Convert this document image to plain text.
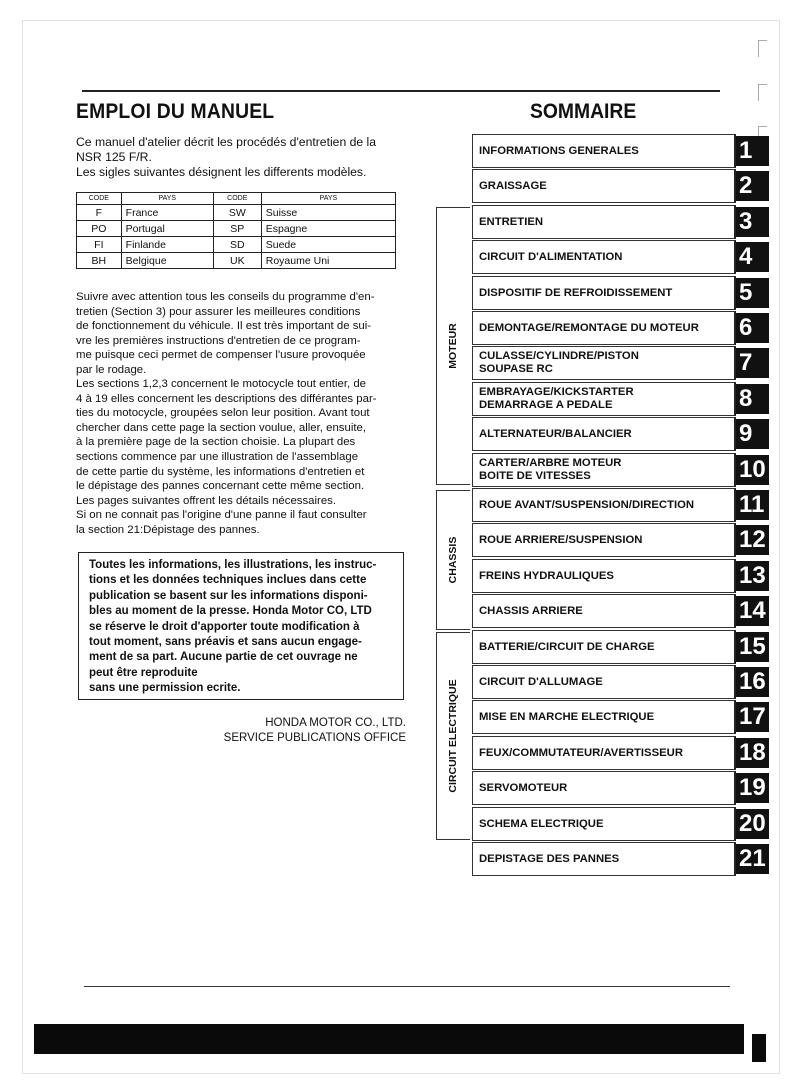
EMPLOI DU MANUEL	SOMMAIRE
Ce manuel d'atelier décrit les procédés d'entretien de la
NSR 125 F/R.
Les sigles suivantes désignent les differents modèles.
CODE	PAYS	CODE	PAYS
F	France	SW	Suisse
PO	Portugal	SP	Espagne
FI	Finlande	SD	Suede
BH	Belgique	UK	Royaume Uni
Suivre avec attention tous les conseils du programme d'en-
tretien (Section 3) pour assurer les meilleures conditions
de fonctionnement du véhicule. Il est très important de sui-
vre les premières instructions d'entretien de ce program-
me puisque ceci permet de compenser l'usure provoquée
par le rodage.
Les sections 1,2,3 concernent le motocycle tout entier, de
4 à 19 elles concernent les descriptions des différantes par-
ties du motocycle, groupées selon leur position. Avant tout
chercher dans cette page la section voulue, aller, ensuite,
à la première page de la section choisie. La plupart des
sections commence par une illustration de l'assemblage
de cette partie du système, les informations d'entretien et
le dépistage des pannes concernant cette même section.
Les pages suivantes offrent les détails nécessaires.
Si on ne connait pas l'origine d'une panne il faut consulter
la section 21:Dépistage des pannes.
Toutes les informations, les illustrations, les instruc-
tions et les données techniques inclues dans cette
publication se basent sur les informations disponi-
bles au moment de la presse. Honda Motor CO, LTD
se réserve le droit d'apporter toute modification à
tout moment, sans préavis et sans aucun engage-
ment de sa part. Aucune partie de cet ouvrage ne
peut être reproduite
sans une permission ecrite.
HONDA MOTOR CO., LTD.
SERVICE PUBLICATIONS OFFICE
INFORMATIONS GENERALES	1
GRAISSAGE	2
ENTRETIEN	3
CIRCUIT D'ALIMENTATION	4
DISPOSITIF DE REFROIDISSEMENT	5
DEMONTAGE/REMONTAGE DU MOTEUR	6
CULASSE/CYLINDRE/PISTON
SOUPASE RC	7
EMBRAYAGE/KICKSTARTER
DEMARRAGE A PEDALE	8
ALTERNATEUR/BALANCIER	9
CARTER/ARBRE MOTEUR
BOITE DE VITESSES	10
ROUE AVANT/SUSPENSION/DIRECTION	11
ROUE ARRIERE/SUSPENSION	12
FREINS HYDRAULIQUES	13
CHASSIS ARRIERE	14
BATTERIE/CIRCUIT DE CHARGE	15
CIRCUIT D'ALLUMAGE	16
MISE EN MARCHE ELECTRIQUE	17
FEUX/COMMUTATEUR/AVERTISSEUR	18
SERVOMOTEUR	19
SCHEMA ELECTRIQUE	20
DEPISTAGE DES PANNES	21
MOTEUR
CHASSIS
CIRCUIT ELECTRIQUE
